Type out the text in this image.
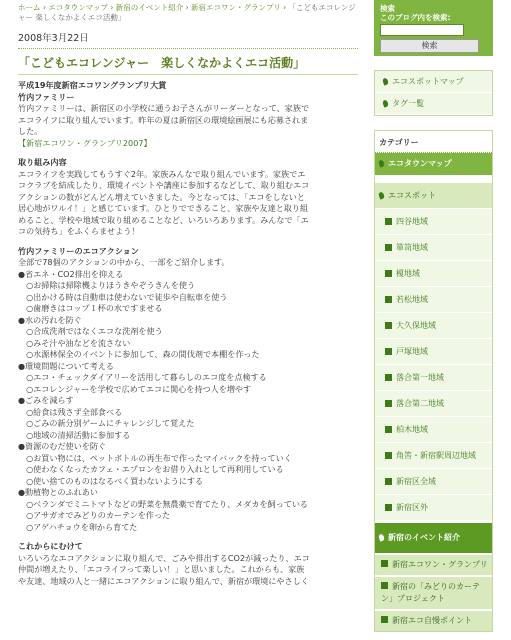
ホーム › エコタウンマップ › 新宿のイベント紹介 › 新宿エコワン・グランプリ › 「こどもエコレンジャー 楽しくなかよくエコ活動」
2008年3月22日
「こどもエコレンジャー　楽しくなかよくエコ活動」
平成19年度新宿エコワングランプリ大賞
竹内ファミリー
竹内ファミリーは、新宿区の小学校に通うお子さんがリーダーとなって、家族で
エコライフに取り組んでいます。昨年の夏は新宿区の環境絵画展にも応募されま
した。
【新宿エコワン・グランプリ2007】
取り組み内容
エコライフを実践してもうすぐ2年。家族みんなで取り組んでいます。家族でエ
コクラブを結成したり、環境イベントや講座に参加するなどして、取り組むエコ
アクションの数がどんどん増えていきました。今となっては、「エコをしないと
居心地がワルイ！」と感じています。ひとりでできること、家族や友達と取り組
めること、学校や地域で取り組めることなど、いろいろあります。みんなで「エ
コの気持ち」をふくらませよう！
竹内ファミリーのエコアクション
全部で78個のアクションの中から、一部をご紹介します。
●省エネ・CO2排出を抑える
　○お掃除は掃除機よりほうきやぞうきんを使う
　○出かける時は自動車は使わないで徒歩や自転車を使う
　○歯磨きはコップ１杯の水ですませる
●水の汚れを防ぐ
　○合成洗剤ではなくエコな洗剤を使う
　○みそ汁や油などを流さない
　○水源林保全のイベントに参加して、森の間伐剤で本棚を作った
●環境問題について考える
　○エコ・チェックダイアリーを活用して暮らしのエコ度を点検する
　○エコレンジャーを学校で広めてエコに関心を持つ人を増やす
●ごみを減らす
　○給食は残さず全部食べる
　○ごみの新分別ゲームにチャレンジして覚えた
　○地域の清掃活動に参加する
●資源のむだ使いを防ぐ
　○お買い物には、ペットボトルの再生布で作ったマイバックを持っていく
　○使わなくなったカフェ・エプロンをお借り入れとして再利用している
　○使い捨てのものはなるべく買わないようにする
●動植物とのふれあい
　○ベランダでミニトマトなどの野菜を無農薬で育てたり、メダカを飼っている
　○アサガオでみどりのカーテンを作った
　○アゲハチョウを卵から育てた
これからにむけて
いろいろなエコアクションに取り組んで、ごみや排出するCO2が減ったり、エコ
仲間が増えたり、「エコライフって楽しい！」と思いました。これからも、家族
や友達、地域の人と一緒にエコアクションに取り組んで、新宿が環境にやさしく
検索
このブログ内を検索:
検索
エコスポットマップ
タグ一覧
カテゴリー
エコタウンマップ
エコスポット
四谷地域
箪笥地域
榎地域
若松地域
大久保地域
戸塚地域
落合第一地域
落合第二地域
柏木地域
角筈・新宿駅周辺地域
新宿区全域
新宿区外
新宿のイベント紹介
新宿エコワン・グランプリ
新宿の「みどりのカーテン」プロジェクト
新宿エコ自慢ポイント
